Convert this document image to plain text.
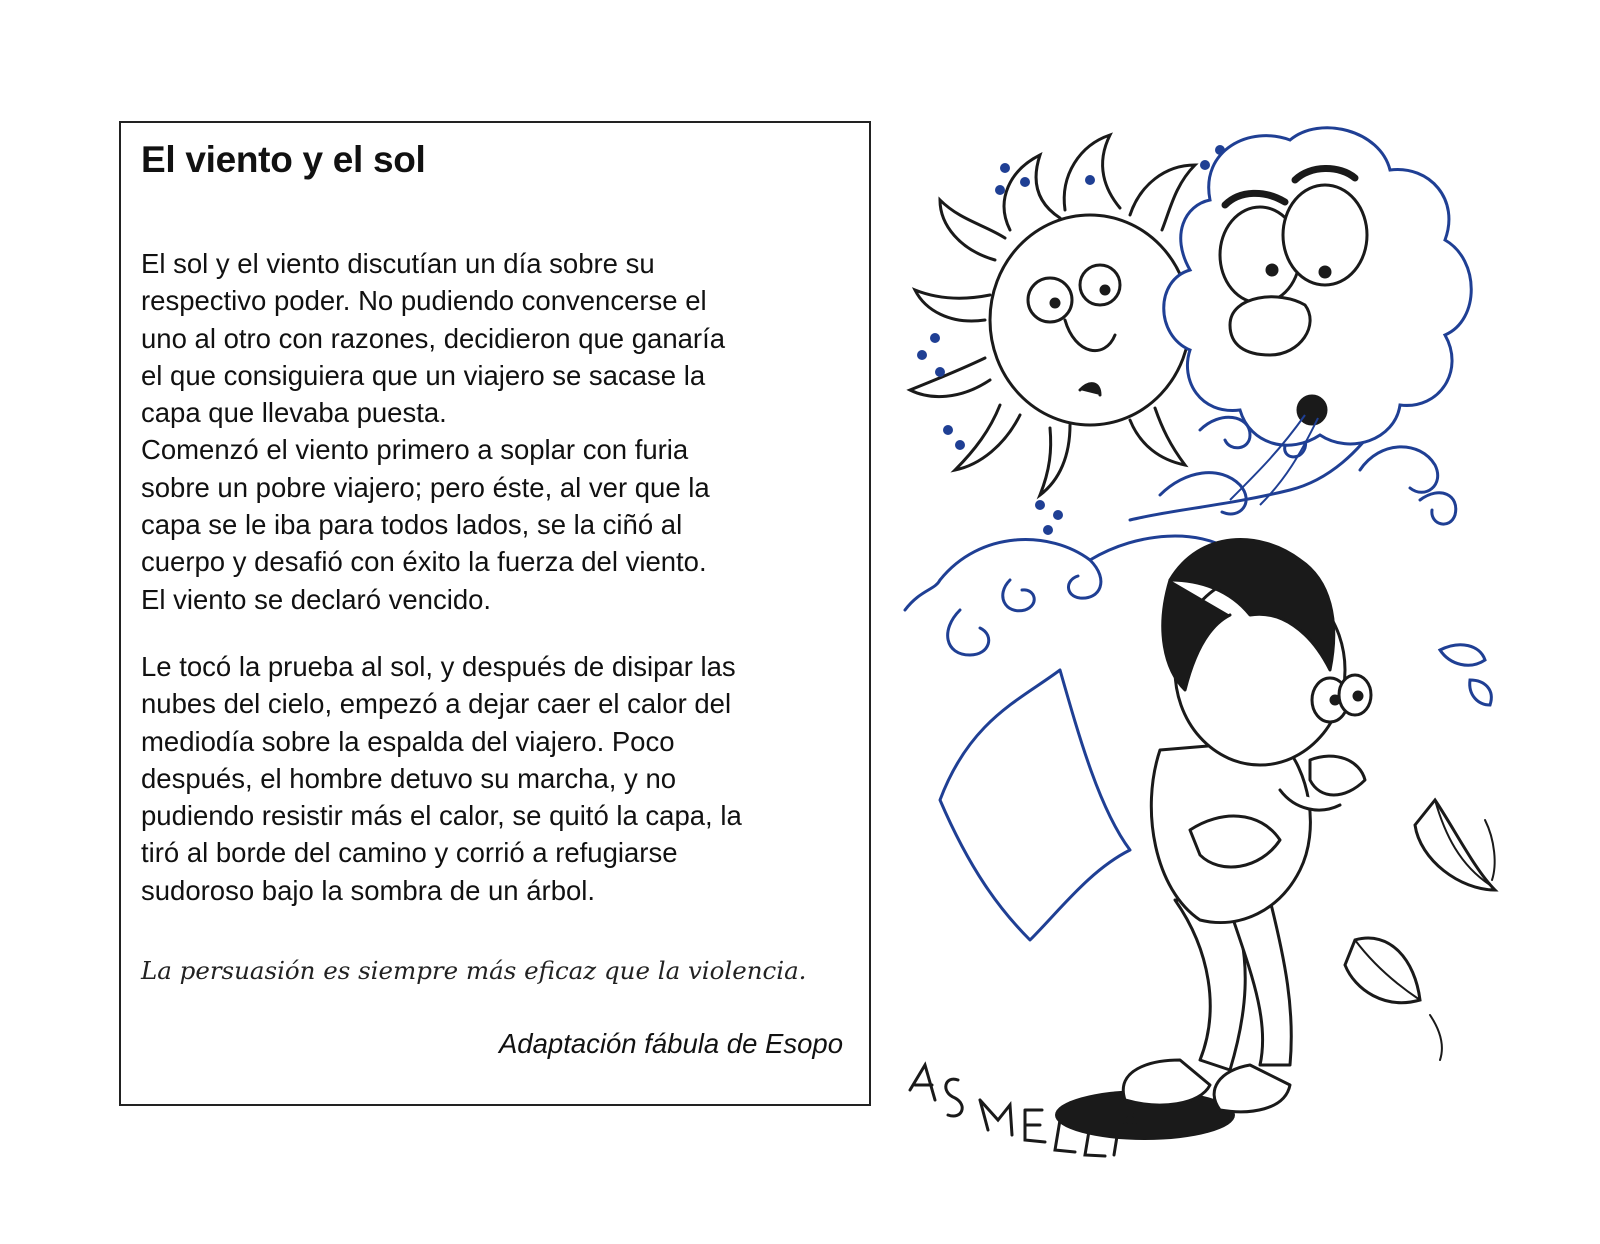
El viento y el sol
El sol y el viento discutían un día sobre su
respectivo poder. No pudiendo convencerse el
uno al otro con razones, decidieron que ganaría
el que consiguiera que un viajero se sacase la
capa que llevaba puesta.
Comenzó el viento primero a soplar con furia
sobre un pobre viajero; pero éste, al ver que la
capa se le iba para todos lados, se la ciñó al
cuerpo y desafió con éxito la fuerza del viento.
El viento se declaró vencido.
Le tocó la prueba al sol, y después de disipar las
nubes del cielo, empezó a dejar caer el calor del
mediodía sobre la espalda del viajero. Poco
después, el hombre detuvo su marcha, y no
pudiendo resistir más el calor, se quitó la capa, la
tiró al borde del camino y corrió a refugiarse
sudoroso bajo la sombra de un árbol.

La persuasión es siempre más eficaz que la violencia.

Adaptación fábula de Esopo
